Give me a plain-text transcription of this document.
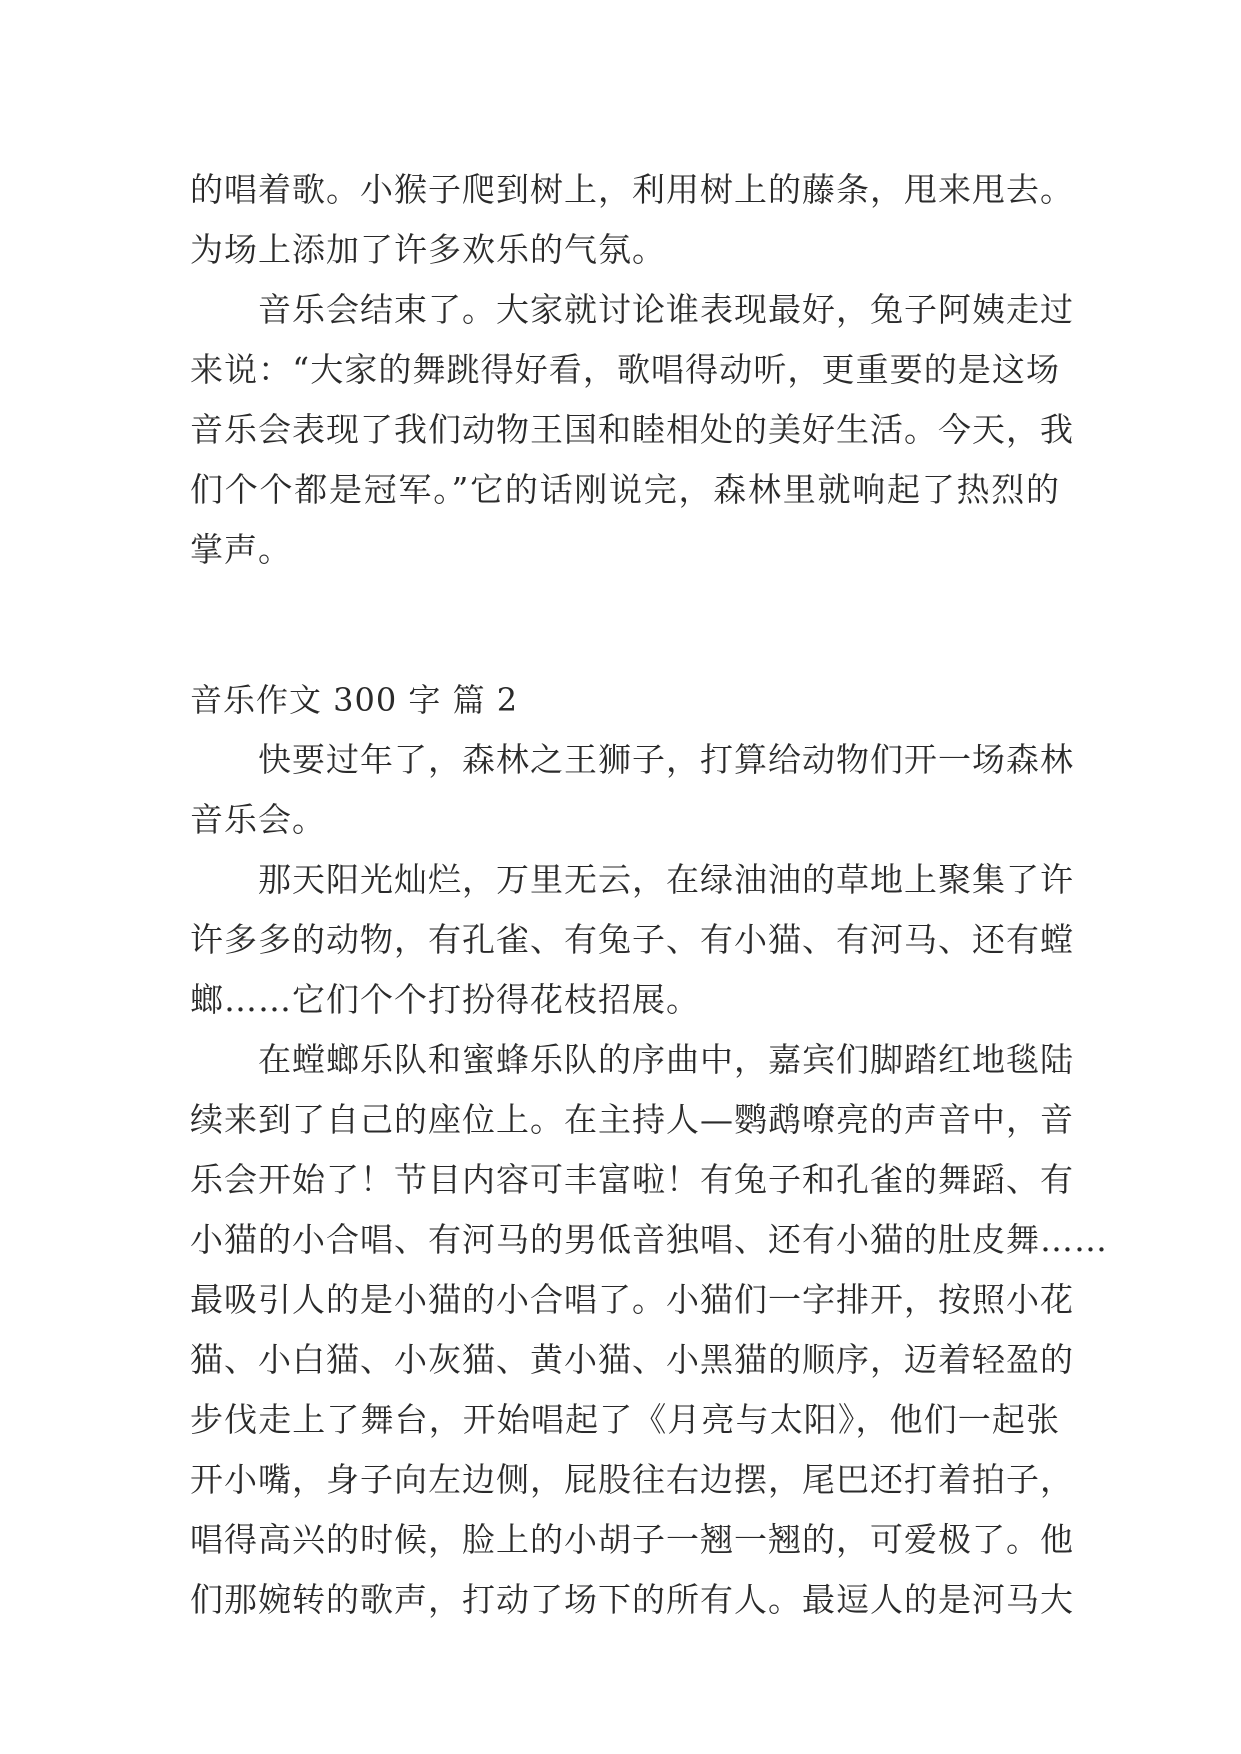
的唱着歌。小猴子爬到树上，利用树上的藤条，甩来甩去。
为场上添加了许多欢乐的气氛。
音乐会结束了。大家就讨论谁表现最好，兔子阿姨走过
来说：“大家的舞跳得好看，歌唱得动听，更重要的是这场
音乐会表现了我们动物王国和睦相处的美好生活。今天，我
们个个都是冠军。”它的话刚说完，森林里就响起了热烈的
掌声。
音乐作文 300 字 篇 2
快要过年了，森林之王狮子，打算给动物们开一场森林
音乐会。
那天阳光灿烂，万里无云，在绿油油的草地上聚集了许
许多多的动物，有孔雀、有兔子、有小猫、有河马、还有螳
螂……它们个个打扮得花枝招展。
在螳螂乐队和蜜蜂乐队的序曲中，嘉宾们脚踏红地毯陆
续来到了自己的座位上。在主持人—鹦鹉嘹亮的声音中，音
乐会开始了！节目内容可丰富啦！有兔子和孔雀的舞蹈、有
小猫的小合唱、有河马的男低音独唱、还有小猫的肚皮舞……
最吸引人的是小猫的小合唱了。小猫们一字排开，按照小花
猫、小白猫、小灰猫、黄小猫、小黑猫的顺序，迈着轻盈的
步伐走上了舞台，开始唱起了《月亮与太阳》，他们一起张
开小嘴，身子向左边侧，屁股往右边摆，尾巴还打着拍子，
唱得高兴的时候，脸上的小胡子一翘一翘的，可爱极了。他
们那婉转的歌声，打动了场下的所有人。最逗人的是河马大
